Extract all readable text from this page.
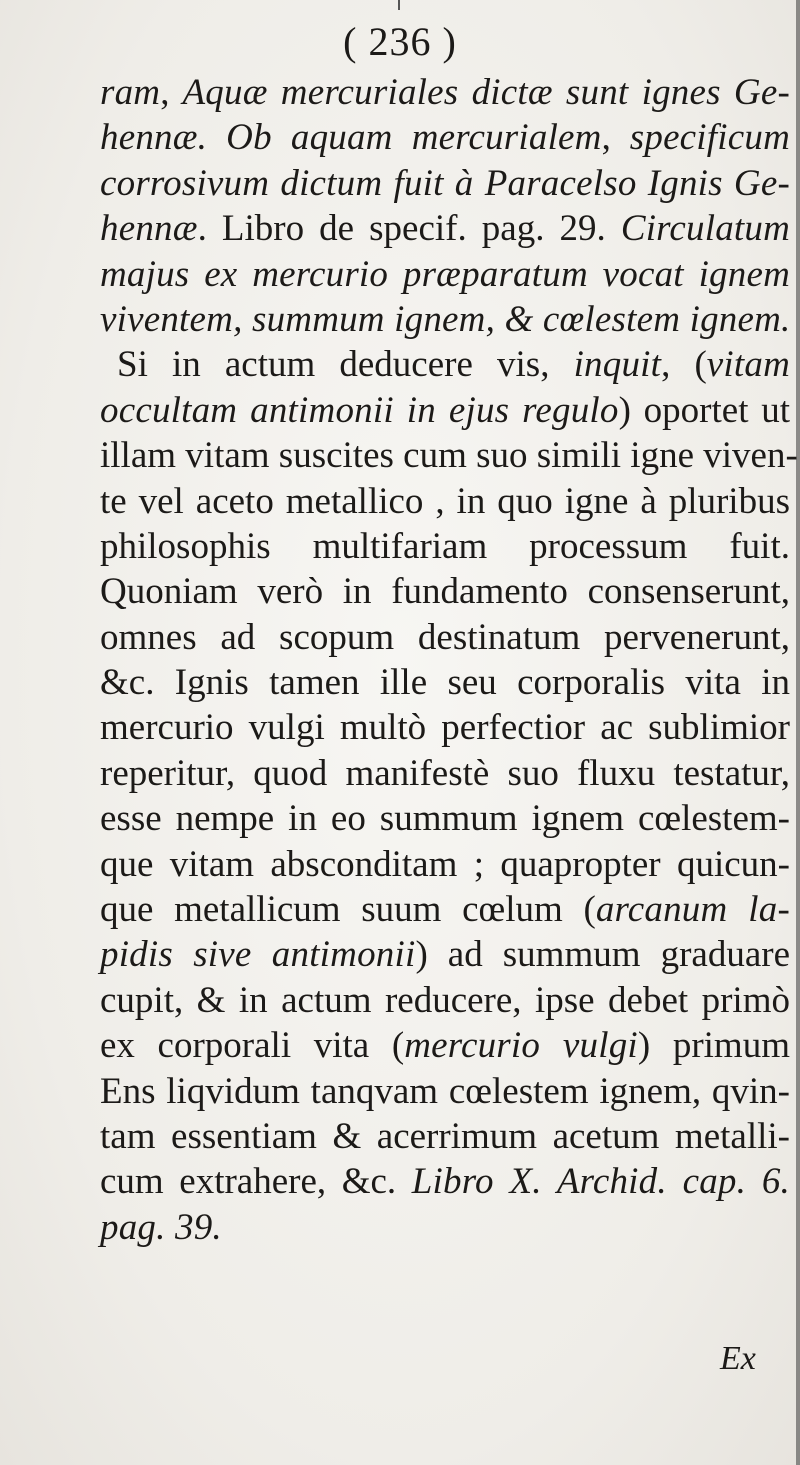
( 236 )
ram, Aquæ mercuriales dictæ sunt ignes Ge-
hennæ. Ob aquam mercurialem, specificum
corrosivum dictum fuit à Paracelso Ignis Ge-
hennæ. Libro de specif. pag. 29. Circulatum
majus ex mercurio præparatum vocat ignem
viventem, summum ignem, & cœlestem ignem.
Si in actum deducere vis, inquit, (vitam
occultam antimonii in ejus regulo) oportet ut
illam vitam suscites cum suo simili igne viven-
te vel aceto metallico , in quo igne à pluribus
philosophis multifariam processum fuit.
Quoniam verò in fundamento consenserunt,
omnes ad scopum destinatum pervenerunt,
&c. Ignis tamen ille seu corporalis vita in
mercurio vulgi multò perfectior ac sublimior
reperitur, quod manifestè suo fluxu testatur,
esse nempe in eo summum ignem cœlestem-
que vitam absconditam ; quapropter quicun-
que metallicum suum cœlum (arcanum la-
pidis sive antimonii) ad summum graduare
cupit, & in actum reducere, ipse debet primò
ex corporali vita (mercurio vulgi) primum
Ens liqvidum tanqvam cœlestem ignem, qvin-
tam essentiam & acerrimum acetum metalli-
cum extrahere, &c. Libro X. Archid. cap. 6.
pag. 39.
Ex
